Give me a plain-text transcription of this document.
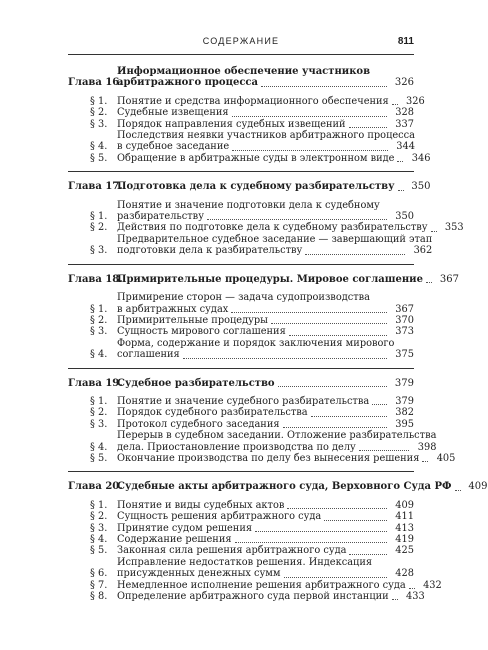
СОДЕРЖАНИЕ	811
Глава 16.
Информационное обеспечение участников
арбитражного процесса	326
§ 1. Понятие и средства информационного обеспечения	326
§ 2. Судебные извещения	328
§ 3. Порядок направления судебных извещений	337
§ 4.
Последствия неявки участников арбитражного процесса
в судебное заседание	344
§ 5. Обращение в арбитражные суды в электронном виде	346
Глава 17.
Подготовка дела к судебному разбирательству	350
§ 1.
Понятие и значение подготовки дела к судебному
разбирательству	350
§ 2. Действия по подготовке дела к судебному разбирательству	353
§ 3.
Предварительное судебное заседание — завершающий этап
подготовки дела к разбирательству	362
Глава 18.
Примирительные процедуры. Мировое соглашение	367
§ 1.
Примирение сторон — задача судопроизводства
в арбитражных судах	367
§ 2. Примирительные процедуры	370
§ 3. Сущность мирового соглашения	373
§ 4.
Форма, содержание и порядок заключения мирового
соглашения	375
Глава 19.
Судебное разбирательство	379
§ 1. Понятие и значение судебного разбирательства	379
§ 2. Порядок судебного разбирательства	382
§ 3. Протокол судебного заседания	395
§ 4.
Перерыв в судебном заседании. Отложение разбирательства
дела. Приостановление производства по делу	398
§ 5. Окончание производства по делу без вынесения решения	405
Глава 20.
Судебные акты арбитражного суда, Верховного Суда РФ	409
§ 1. Понятие и виды судебных актов	409
§ 2. Сущность решения арбитражного суда	411
§ 3. Принятие судом решения	413
§ 4. Содержание решения	419
§ 5. Законная сила решения арбитражного суда	425
§ 6.
Исправление недостатков решения. Индексация
присужденных денежных сумм	428
§ 7. Немедленное исполнение решения арбитражного суда	432
§ 8. Определение арбитражного суда первой инстанции	433
